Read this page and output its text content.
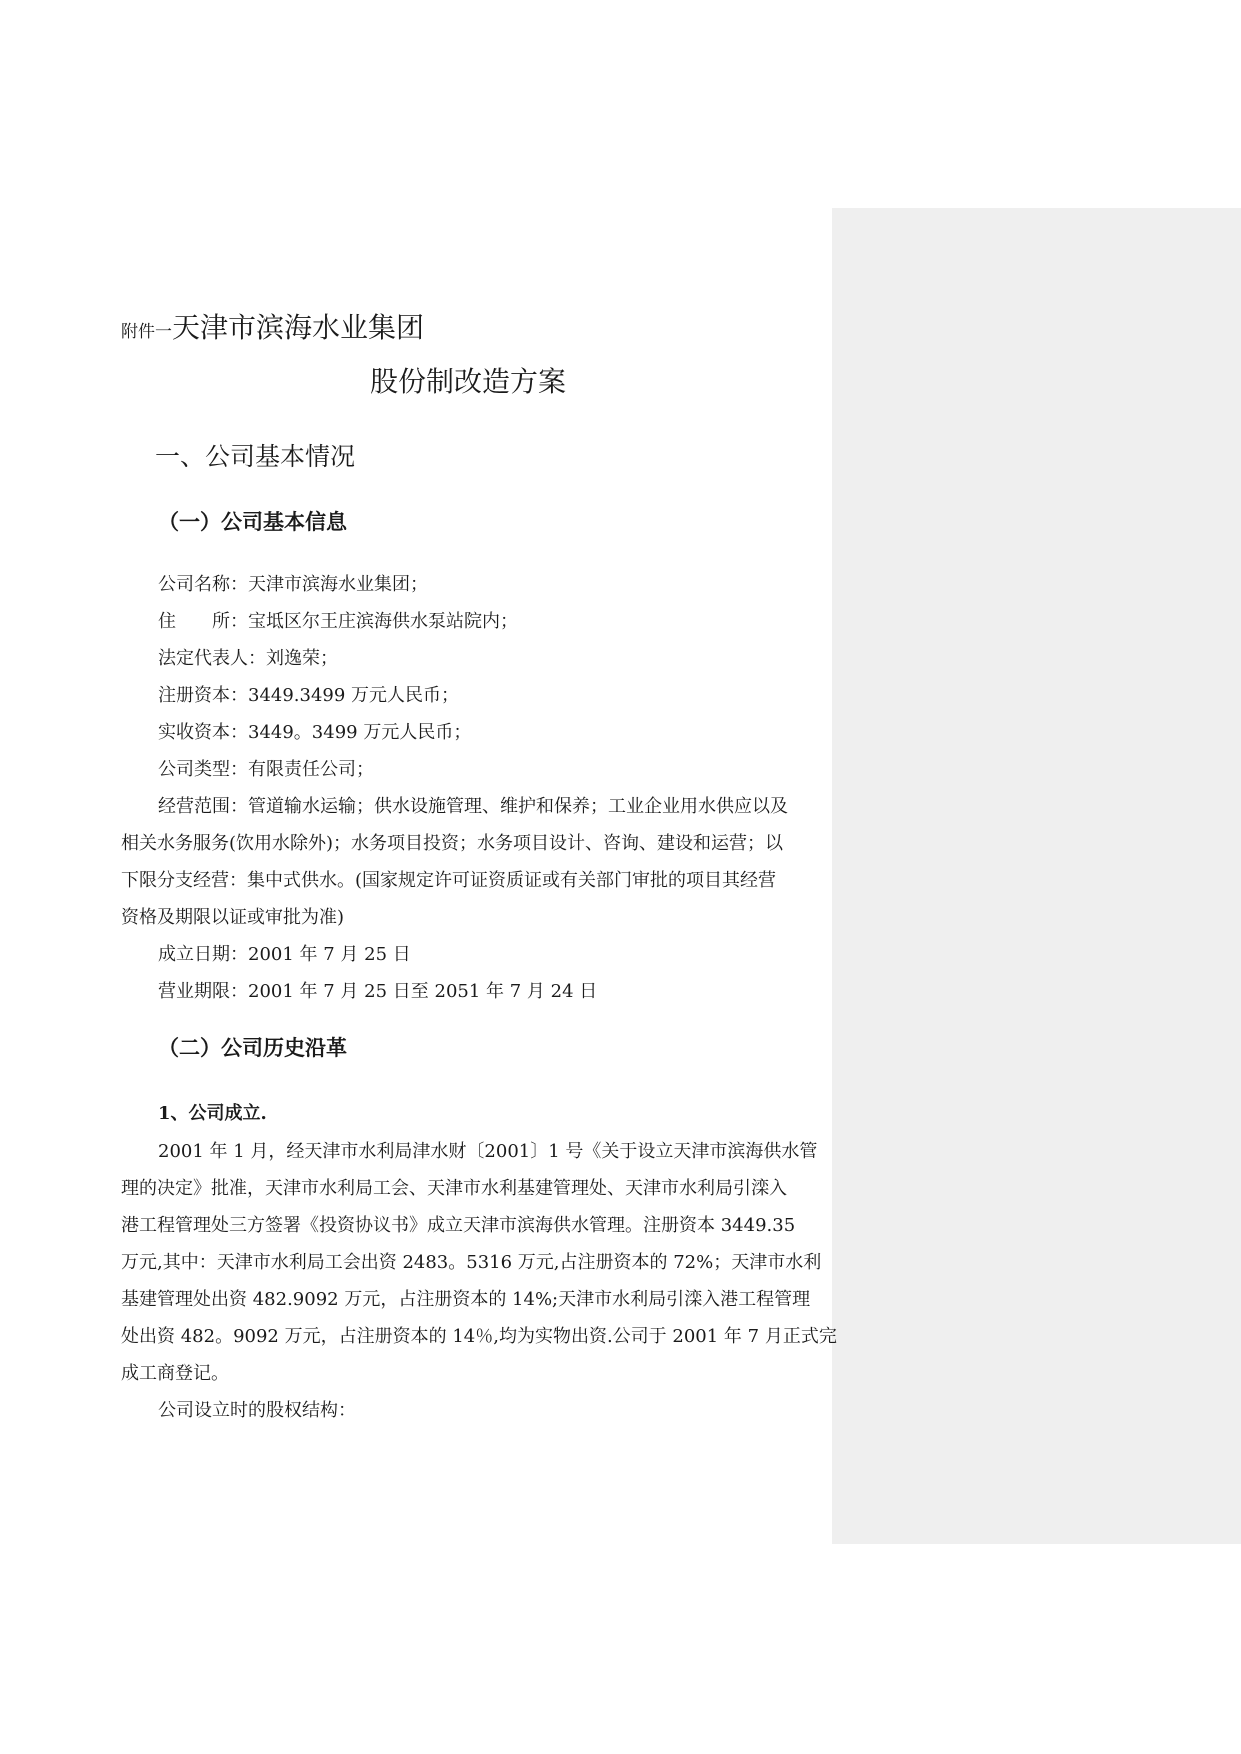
附件一天津市滨海水业集团
股份制改造方案
一、公司基本情况
（一）公司基本信息
公司名称：天津市滨海水业集团；
住　　所：宝坻区尔王庄滨海供水泵站院内；
法定代表人：刘逸荣；
注册资本：3449.3499 万元人民币；
实收资本：3449。3499 万元人民币；
公司类型：有限责任公司；
经营范围：管道输水运输；供水设施管理、维护和保养；工业企业用水供应以及
相关水务服务(饮用水除外)；水务项目投资；水务项目设计、咨询、建设和运营；以
下限分支经营：集中式供水。(国家规定许可证资质证或有关部门审批的项目其经营
资格及期限以证或审批为准)
成立日期：2001 年 7 月 25 日
营业期限：2001 年 7 月 25 日至 2051 年 7 月 24 日
（二）公司历史沿革
1、公司成立.
2001 年 1 月，经天津市水利局津水财〔2001〕1 号《关于设立天津市滨海供水管
理的决定》批准，天津市水利局工会、天津市水利基建管理处、天津市水利局引滦入
港工程管理处三方签署《投资协议书》成立天津市滨海供水管理。注册资本 3449.35
万元,其中：天津市水利局工会出资 2483。5316 万元,占注册资本的 72%；天津市水利
基建管理处出资 482.9092 万元，占注册资本的 14%;天津市水利局引滦入港工程管理
处出资 482。9092 万元，占注册资本的 14％,均为实物出资.公司于 2001 年 7 月正式完
成工商登记。
公司设立时的股权结构：
